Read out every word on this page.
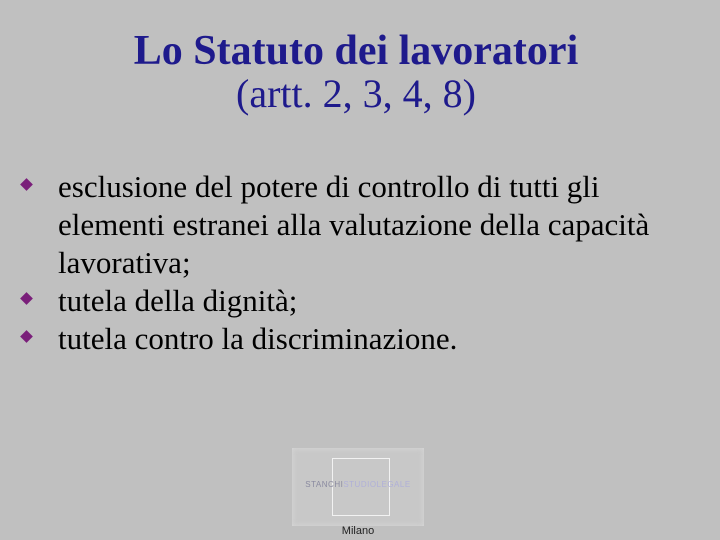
Lo Statuto dei lavoratori
(artt. 2, 3, 4, 8)
esclusione del potere di controllo di tutti gli elementi estranei alla valutazione della capacità lavorativa;
tutela della dignità;
tutela contro la discriminazione.
STANCHISTUDIOLEGALE
Milano
